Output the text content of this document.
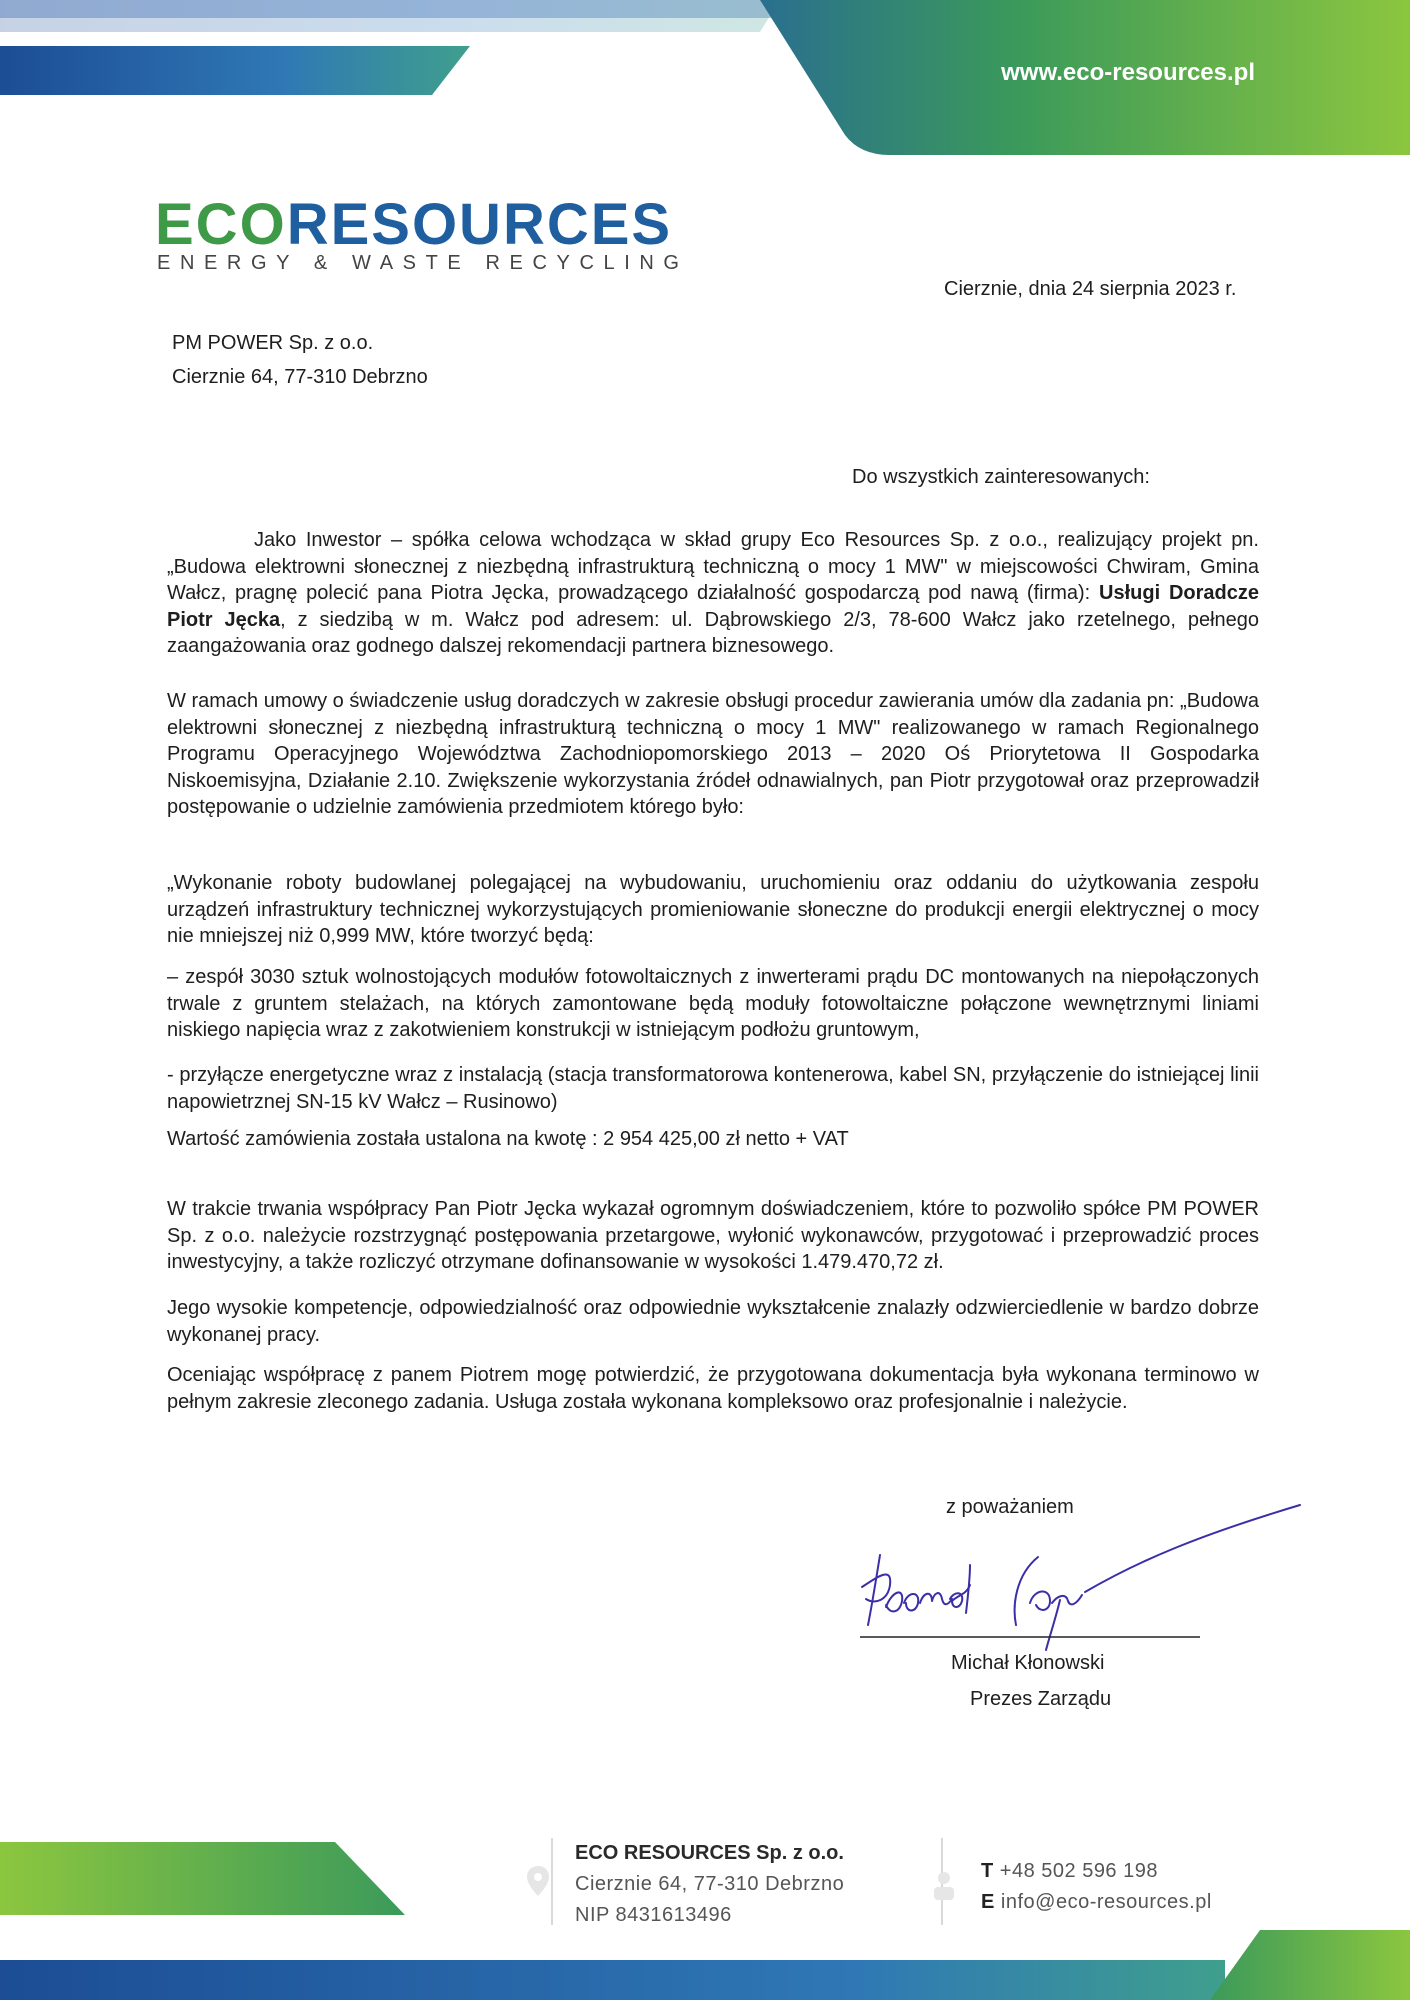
www.eco-resources.pl
ECORESOURCES
ENERGY & WASTE RECYCLING
Cierznie, dnia 24 sierpnia 2023 r.
PM POWER Sp. z o.o.
Cierznie 64, 77-310 Debrzno
Do wszystkich zainteresowanych:
Jako Inwestor – spółka celowa wchodząca w skład grupy Eco Resources Sp. z o.o., realizujący projekt pn. „Budowa elektrowni słonecznej z niezbędną infrastrukturą techniczną o mocy 1 MW" w miejscowości Chwiram, Gmina Wałcz, pragnę polecić pana Piotra Jęcka, prowadzącego działalność gospodarczą pod nawą (firma): Usługi Doradcze Piotr Jęcka, z siedzibą w m. Wałcz pod adresem: ul. Dąbrowskiego 2/3, 78-600 Wałcz jako rzetelnego, pełnego zaangażowania oraz godnego dalszej rekomendacji partnera biznesowego.
W ramach umowy o świadczenie usług doradczych w zakresie obsługi procedur zawierania umów dla zadania pn: „Budowa elektrowni słonecznej z niezbędną infrastrukturą techniczną o mocy 1 MW" realizowanego w ramach Regionalnego Programu Operacyjnego Województwa Zachodniopomorskiego 2013 – 2020 Oś Priorytetowa II Gospodarka Niskoemisyjna, Działanie 2.10. Zwiększenie wykorzystania źródeł odnawialnych, pan Piotr przygotował oraz przeprowadził postępowanie o udzielnie zamówienia przedmiotem którego było:
„Wykonanie roboty budowlanej polegającej na wybudowaniu, uruchomieniu oraz oddaniu do użytkowania zespołu urządzeń infrastruktury technicznej wykorzystujących promieniowanie słoneczne do produkcji energii elektrycznej o mocy nie mniejszej niż 0,999 MW, które tworzyć będą:
– zespół 3030 sztuk wolnostojących modułów fotowoltaicznych z inwerterami prądu DC montowanych na niepołączonych trwale z gruntem stelażach, na których zamontowane będą moduły fotowoltaiczne połączone wewnętrznymi liniami niskiego napięcia wraz z zakotwieniem konstrukcji w istniejącym podłożu gruntowym,
- przyłącze energetyczne wraz z instalacją (stacja transformatorowa kontenerowa, kabel SN, przyłączenie do istniejącej linii napowietrznej SN-15 kV Wałcz – Rusinowo)
Wartość zamówienia została ustalona na kwotę : 2 954 425,00 zł netto + VAT
W trakcie trwania współpracy Pan Piotr Jęcka wykazał ogromnym doświadczeniem, które to pozwoliło spółce PM POWER Sp. z o.o. należycie rozstrzygnąć postępowania przetargowe, wyłonić wykonawców, przygotować i przeprowadzić proces inwestycyjny, a także rozliczyć otrzymane dofinansowanie w wysokości 1.479.470,72 zł.
Jego wysokie kompetencje, odpowiedzialność oraz odpowiednie wykształcenie znalazły odzwierciedlenie w bardzo dobrze wykonanej pracy.
Oceniając współpracę z panem Piotrem mogę potwierdzić, że przygotowana dokumentacja była wykonana terminowo w pełnym zakresie zleconego zadania. Usługa została wykonana kompleksowo oraz profesjonalnie i należycie.
z poważaniem
Michał Kłonowski
Prezes Zarządu
ECO RESOURCES Sp. z o.o.
Cierznie 64, 77-310 Debrzno
NIP 8431613496
T +48 502 596 198
E info@eco-resources.pl
